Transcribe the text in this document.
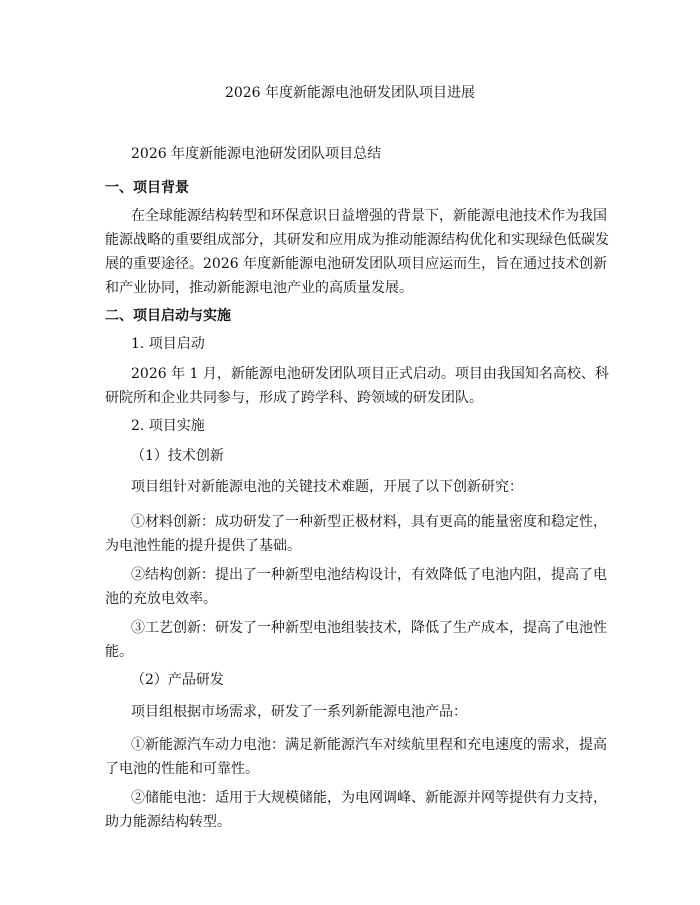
2026 年度新能源电池研发团队项目进展
2026 年度新能源电池研发团队项目总结
一、项目背景
在全球能源结构转型和环保意识日益增强的背景下，新能源电池技术作为我国
能源战略的重要组成部分，其研发和应用成为推动能源结构优化和实现绿色低碳发
展的重要途径。2026 年度新能源电池研发团队项目应运而生，旨在通过技术创新
和产业协同，推动新能源电池产业的高质量发展。
二、项目启动与实施
1. 项目启动
2026 年 1 月，新能源电池研发团队项目正式启动。项目由我国知名高校、科
研院所和企业共同参与，形成了跨学科、跨领域的研发团队。
2. 项目实施
（1）技术创新
项目组针对新能源电池的关键技术难题，开展了以下创新研究：
①材料创新：成功研发了一种新型正极材料，具有更高的能量密度和稳定性，
为电池性能的提升提供了基础。
②结构创新：提出了一种新型电池结构设计，有效降低了电池内阻，提高了电
池的充放电效率。
③工艺创新：研发了一种新型电池组装技术，降低了生产成本，提高了电池性
能。
（2）产品研发
项目组根据市场需求，研发了一系列新能源电池产品：
①新能源汽车动力电池：满足新能源汽车对续航里程和充电速度的需求，提高
了电池的性能和可靠性。
②储能电池：适用于大规模储能，为电网调峰、新能源并网等提供有力支持，
助力能源结构转型。
